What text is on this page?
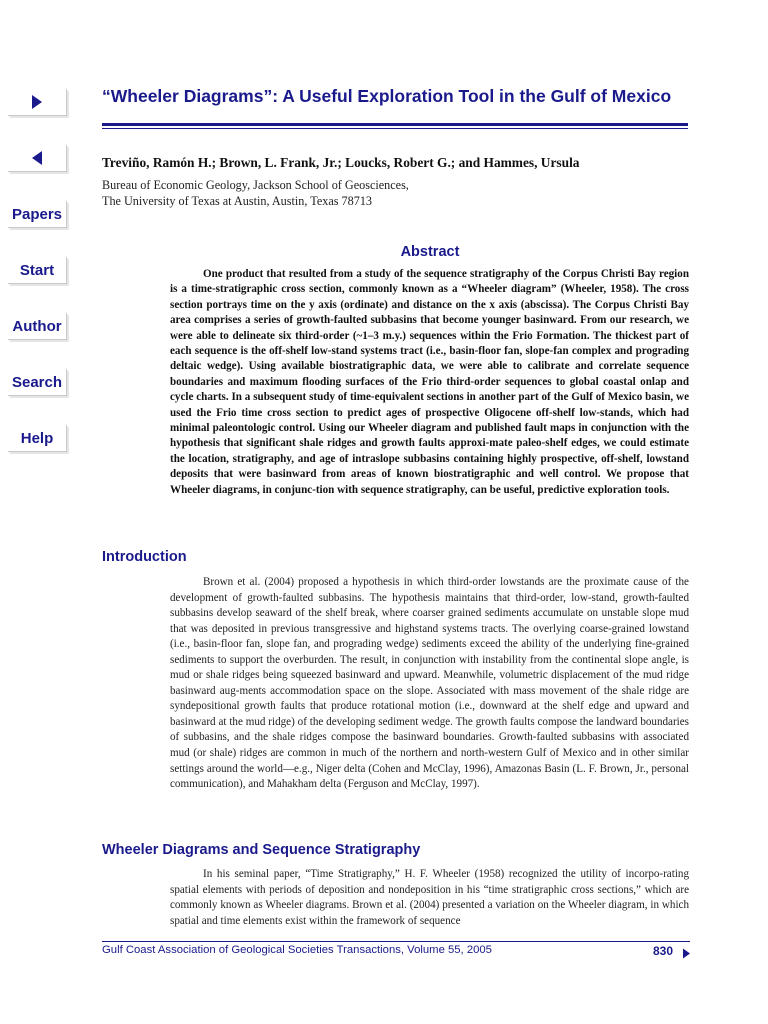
Papers
Start
Author
Search
Help
“Wheeler Diagrams”: A Useful Exploration Tool in the Gulf of Mexico

Treviño, Ramón H.; Brown, L. Frank, Jr.; Loucks, Robert G.; and Hammes, Ursula

Bureau of Economic Geology, Jackson School of Geosciences,
The University of Texas at Austin, Austin, Texas 78713
Abstract

One product that resulted from a study of the sequence stratigraphy of the Corpus Christi Bay region is a time-stratigraphic cross section, commonly known as a “Wheeler diagram” (Wheeler, 1958). The cross section portrays time on the y axis (ordinate) and distance on the x axis (abscissa). The Corpus Christi Bay area comprises a series of growth-faulted subbasins that become younger basinward. From our research, we were able to delineate six third-order (~1–3 m.y.) sequences within the Frio Formation. The thickest part of each sequence is the off-shelf low-stand systems tract (i.e., basin-floor fan, slope-fan complex and prograding deltaic wedge). Using available biostratigraphic data, we were able to calibrate and correlate sequence boundaries and maximum flooding surfaces of the Frio third-order sequences to global coastal onlap and cycle charts. In a subsequent study of time-equivalent sections in another part of the Gulf of Mexico basin, we used the Frio time cross section to predict ages of prospective Oligocene off-shelf low-stands, which had minimal paleontologic control. Using our Wheeler diagram and published fault maps in conjunction with the hypothesis that significant shale ridges and growth faults approxi-mate paleo-shelf edges, we could estimate the location, stratigraphy, and age of intraslope subbasins containing highly prospective, off-shelf, lowstand deposits that were basinward from areas of known biostratigraphic and well control. We propose that Wheeler diagrams, in conjunc-tion with sequence stratigraphy, can be useful, predictive exploration tools.

Introduction

Brown et al. (2004) proposed a hypothesis in which third-order lowstands are the proximate cause of the development of growth-faulted subbasins. The hypothesis maintains that third-order, low-stand, growth-faulted subbasins develop seaward of the shelf break, where coarser grained sediments accumulate on unstable slope mud that was deposited in previous transgressive and highstand systems tracts. The overlying coarse-grained lowstand (i.e., basin-floor fan, slope fan, and prograding wedge) sediments exceed the ability of the underlying fine-grained sediments to support the overburden. The result, in conjunction with instability from the continental slope angle, is mud or shale ridges being squeezed basinward and upward. Meanwhile, volumetric displacement of the mud ridge basinward aug-ments accommodation space on the slope. Associated with mass movement of the shale ridge are syndepositional growth faults that produce rotational motion (i.e., downward at the shelf edge and upward and basinward at the mud ridge) of the developing sediment wedge. The growth faults compose the landward boundaries of subbasins, and the shale ridges compose the basinward boundaries. Growth-faulted subbasins with associated mud (or shale) ridges are common in much of the northern and north-western Gulf of Mexico and in other similar settings around the world—e.g., Niger delta (Cohen and McClay, 1996), Amazonas Basin (L. F. Brown, Jr., personal communication), and Mahakham delta (Ferguson and McClay, 1997).

Wheeler Diagrams and Sequence Stratigraphy

In his seminal paper, “Time Stratigraphy,” H. F. Wheeler (1958) recognized the utility of incorpo-rating spatial elements with periods of deposition and nondeposition in his “time stratigraphic cross sections,” which are commonly known as Wheeler diagrams. Brown et al. (2004) presented a variation on the Wheeler diagram, in which spatial and time elements exist within the framework of sequence

Gulf Coast Association of Geological Societies Transactions, Volume 55, 2005	830
